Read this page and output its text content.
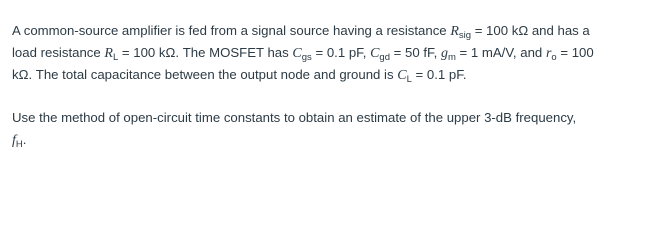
A common-source amplifier is fed from a signal source having a resistance $R_{sig} = 100$ kΩ and has a
load resistance $R_L = 100$ kΩ. The MOSFET has $C_{gs} = 0.1$ pF, $C_{gd} = 50$ fF, $g_m = 1$ mA/V, and $r_o = 100$
kΩ. The total capacitance between the output node and ground is $C_L = 0.1$ pF.

Use the method of open-circuit time constants to obtain an estimate of the upper 3-dB frequency,
$f_H$.
